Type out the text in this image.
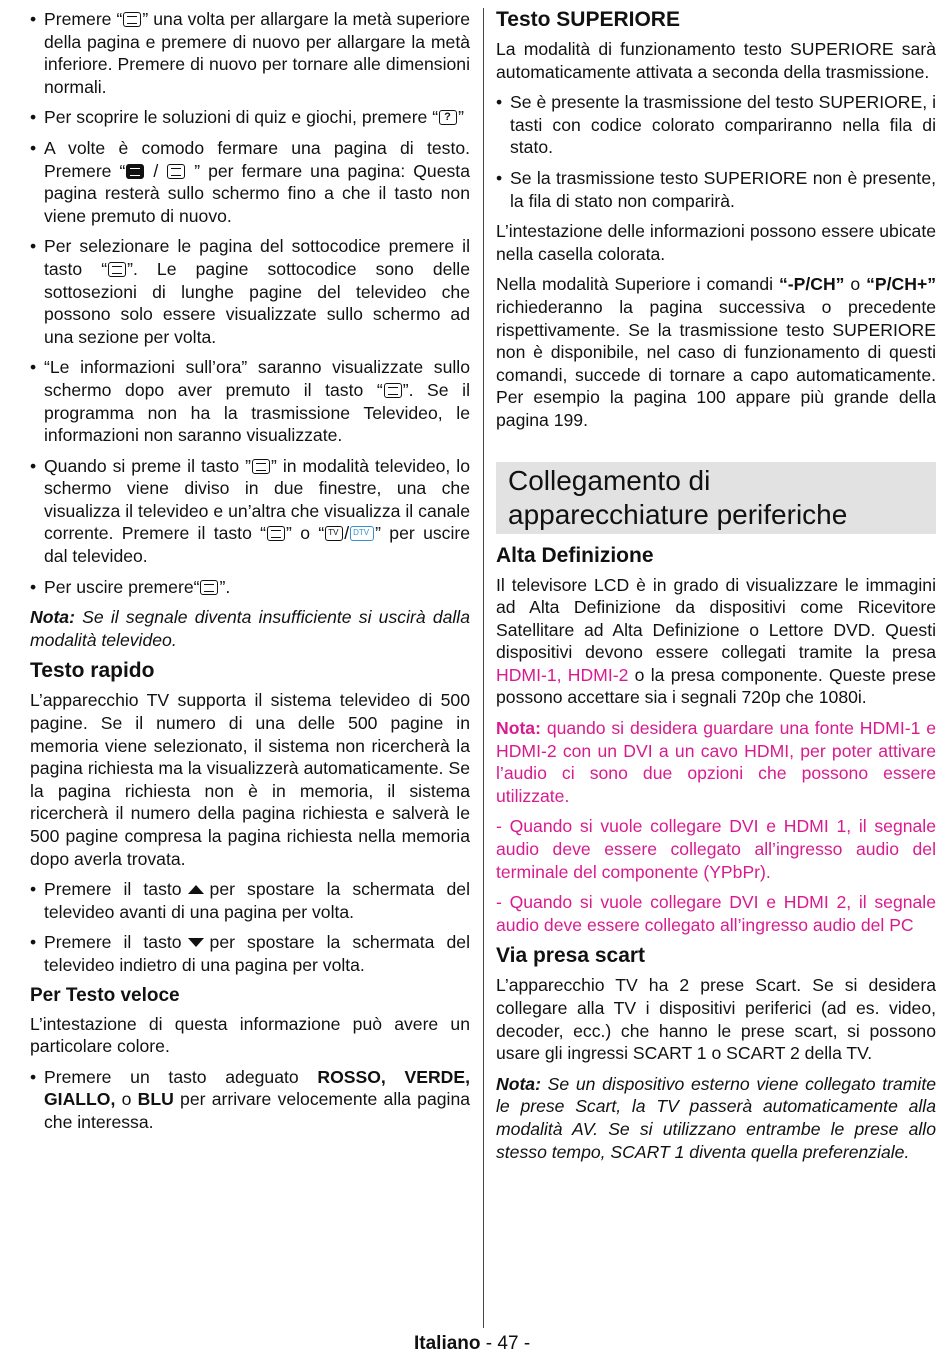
• Premere “ ” una volta per allargare la metà superiore della pagina e premere di nuovo per allargare la metà inferiore. Premere di nuovo per tornare alle dimensioni normali.

• Per scoprire le soluzioni di quiz e giochi, premere “? ”

• A volte è comodo fermare una pagina di testo. Premere “ /  ” per fermare una pagina: Questa pagina resterà sullo schermo fino a che il tasto non viene premuto di nuovo.

• Per selezionare le pagina del sottocodice premere il tasto “ ”. Le pagine sottocodice sono delle sottosezioni di lunghe pagine del televideo che possono solo essere visualizzate sullo schermo ad una sezione per volta.

• “Le informazioni sull’ora” saranno visualizzate sullo schermo dopo aver premuto il tasto “ ”. Se il programma non ha la trasmissione Televideo, le informazioni non saranno visualizzate.

• Quando si preme il tasto ” ” in modalità televideo, lo schermo viene diviso in due finestre, una che visualizza il televideo e un’altra che visualizza il canale corrente. Premere il tasto “ ” o “ TV / DTV ” per uscire dal televideo.

• Per uscire premere“ ”.

Nota: Se il segnale diventa insufficiente si uscirà dalla modalità televideo.

Testo rapido

L’apparecchio TV supporta il sistema televideo di 500 pagine. Se il numero di una delle 500 pagine in memoria viene selezionato, il sistema non ricercherà la pagina richiesta ma la visualizzerà automaticamente. Se la pagina richiesta non è in memoria, il sistema ricercherà il numero della pagina richiesta e salverà le 500 pagine compresa la pagina richiesta nella memoria dopo averla trovata.

• Premere il tasto per spostare la schermata del televideo avanti di una pagina per volta.

• Premere il tasto per spostare la schermata del televideo indietro di una pagina per volta.

Per Testo veloce

L’intestazione di questa informazione può avere un particolare colore.

• Premere un tasto adeguato ROSSO, VERDE, GIALLO, o BLU per arrivare velocemente alla pagina che interessa.

Testo SUPERIORE

La modalità di funzionamento testo SUPERIORE sarà automaticamente attivata a seconda della trasmissione.

• Se è presente la trasmissione del testo SUPERIORE, i tasti con codice colorato compariranno nella fila di stato.

• Se la trasmissione testo SUPERIORE non è presente, la fila di stato non comparirà.

L’intestazione delle informazioni possono essere ubicate nella casella colorata.

Nella modalità Superiore i comandi “-P/CH” o “P/CH+” richiederanno la pagina successiva o precedente rispettivamente. Se la trasmissione testo SUPERIORE non è disponibile, nel caso di funzionamento di questi comandi, succede di tornare a capo automaticamente. Per esempio la pagina 100 appare più grande della pagina 199.

Collegamento di
apparecchiature periferiche
Alta Definizione

Il televisore LCD è in grado di visualizzare le immagini ad Alta Definizione da dispositivi come Ricevitore Satellitare ad Alta Definizione o Lettore DVD. Questi dispositivi devono essere collegati tramite la presa HDMI-1, HDMI-2 o la presa componente. Queste prese possono accettare sia i segnali 720p che 1080i.

Nota: quando si desidera guardare una fonte HDMI-1 e HDMI-2 con un DVI a un cavo HDMI, per poter attivare l’audio ci sono due opzioni che possono essere utilizzate.

- Quando si vuole collegare DVI e HDMI 1, il segnale audio deve essere collegato all’ingresso audio del terminale del componente (YPbPr).

- Quando si vuole collegare DVI e HDMI 2, il segnale audio deve essere collegato all’ingresso audio del PC

Via presa scart

L’apparecchio TV ha 2 prese Scart. Se si desidera collegare alla TV i dispositivi periferici (ad es. video, decoder, ecc.) che hanno le prese scart, si possono usare gli ingressi SCART 1 o SCART 2 della TV.

Nota: Se un dispositivo esterno viene collegato tramite le prese Scart, la TV passerà automaticamente alla modalità AV. Se si utilizzano entrambe le prese allo stesso tempo, SCART 1 diventa quella preferenziale.

Italiano - 47 -
